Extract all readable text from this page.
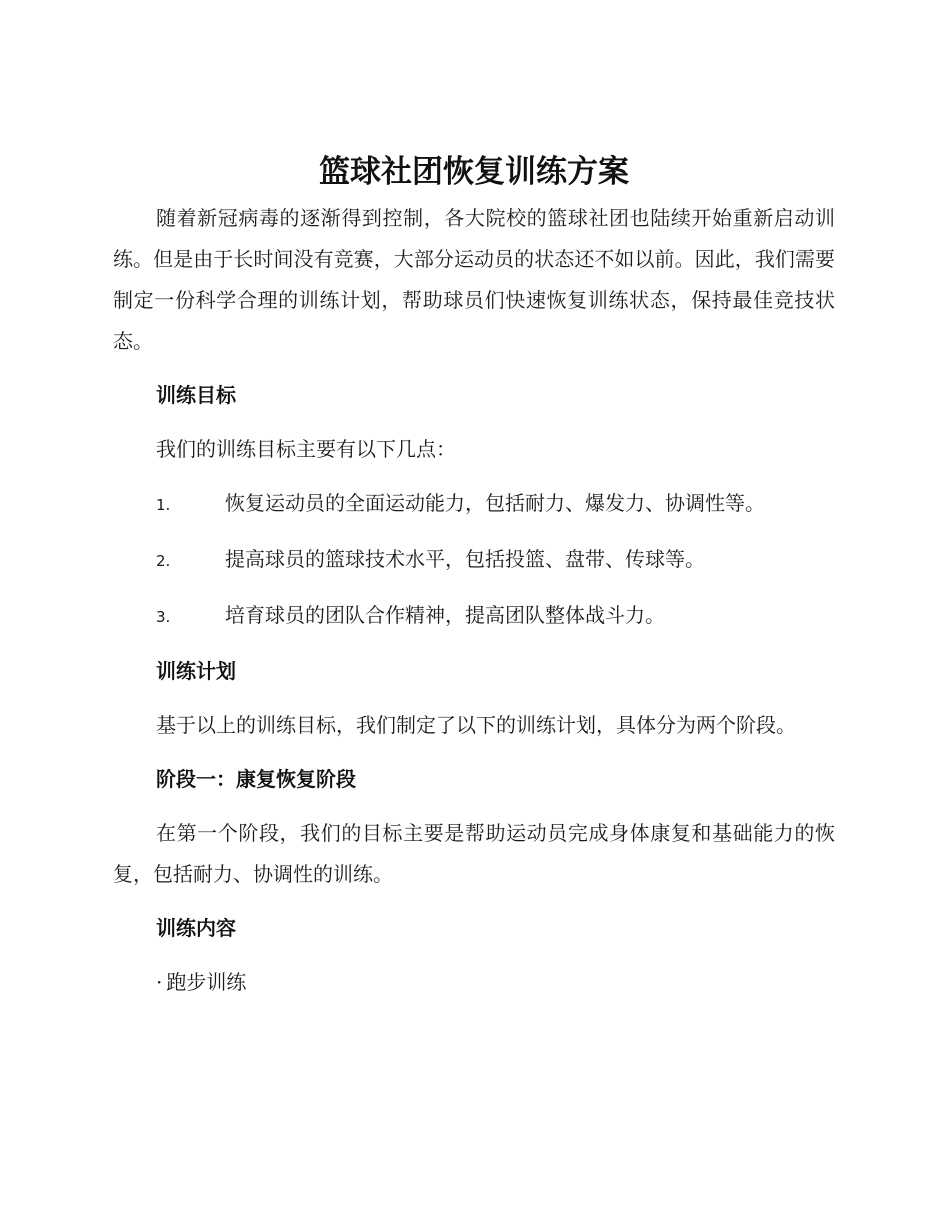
篮球社团恢复训练方案

随着新冠病毒的逐渐得到控制，各大院校的篮球社团也陆续开始重新启动训练。但是由于长时间没有竞赛，大部分运动员的状态还不如以前。因此，我们需要制定一份科学合理的训练计划，帮助球员们快速恢复训练状态，保持最佳竞技状态。

训练目标

我们的训练目标主要有以下几点：

1.	恢复运动员的全面运动能力，包括耐力、爆发力、协调性等。
2.	提高球员的篮球技术水平，包括投篮、盘带、传球等。
3.	培育球员的团队合作精神，提高团队整体战斗力。

训练计划

基于以上的训练目标，我们制定了以下的训练计划，具体分为两个阶段。

阶段一：康复恢复阶段

在第一个阶段，我们的目标主要是帮助运动员完成身体康复和基础能力的恢复，包括耐力、协调性的训练。

训练内容

· 跑步训练
